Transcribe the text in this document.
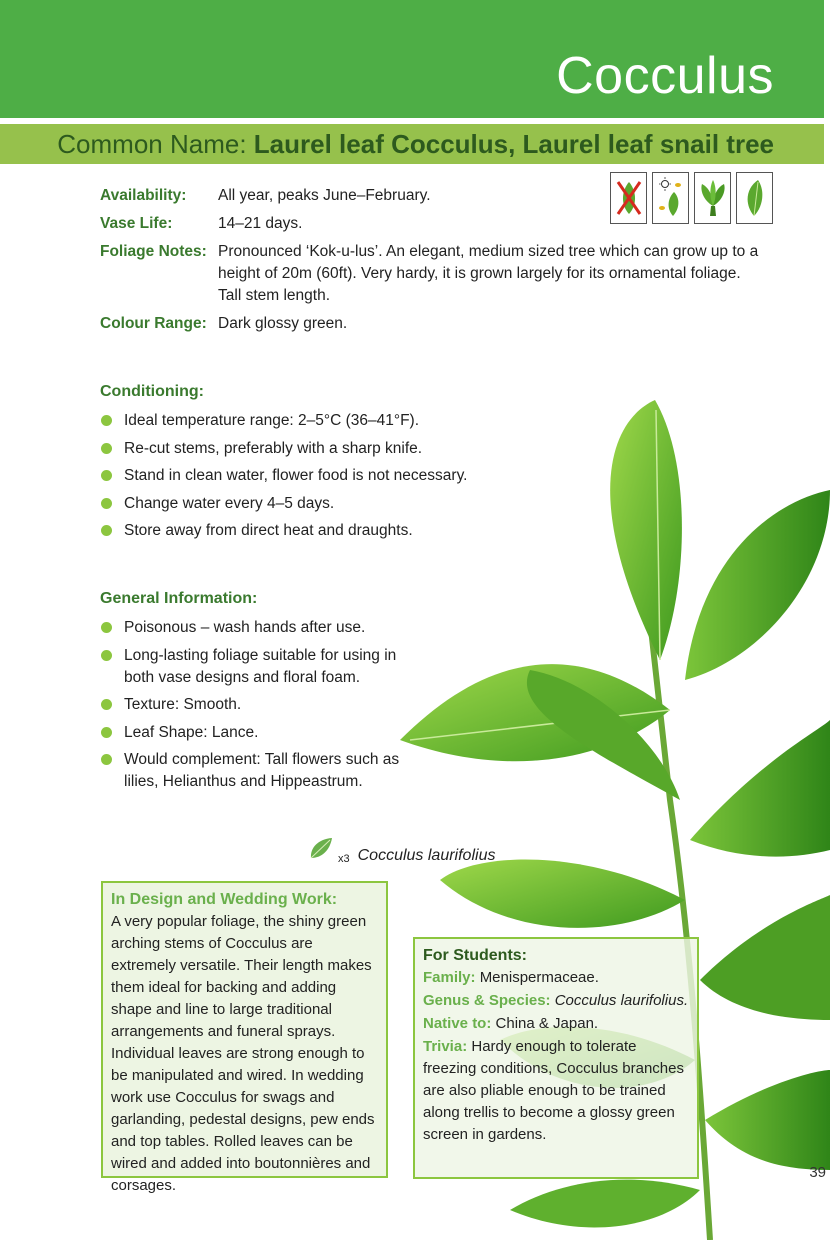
Cocculus
Common Name: Laurel leaf Cocculus, Laurel leaf snail tree
Availability: All year, peaks June–February.
Vase Life:	14–21 days.
Foliage Notes: Pronounced ‘Kok-u-lus’. An elegant, medium sized tree which can grow up to a height of 20m (60ft). Very hardy, it is grown largely for its ornamental foliage. Tall stem length.
Colour Range: Dark glossy green.
Conditioning:
Ideal temperature range: 2–5°C (36–41°F).
Re-cut stems, preferably with a sharp knife.
Stand in clean water, flower food is not necessary.
Change water every 4–5 days.
Store away from direct heat and draughts.
General Information:
Poisonous – wash hands after use.
Long-lasting foliage suitable for using in both vase designs and floral foam.
Texture: Smooth.
Leaf Shape: Lance.
Would complement: Tall flowers such as lilies, Helianthus and Hippeastrum.
x3 Cocculus laurifolius
In Design and Wedding Work:
A very popular foliage, the shiny green arching stems of Cocculus are extremely versatile. Their length makes them ideal for backing and adding shape and line to large traditional arrangements and funeral sprays. Individual leaves are strong enough to be manipulated and wired. In wedding work use Cocculus for swags and garlanding, pedestal designs, pew ends and top tables. Rolled leaves can be wired and added into boutonnières and corsages.
For Students:

Family: Menispermaceae.

Genus & Species: Cocculus laurifolius.

Native to: China & Japan.

Trivia: Hardy enough to tolerate freezing conditions, Cocculus branches are also pliable enough to be trained along trellis to become a glossy green screen in gardens.

39
